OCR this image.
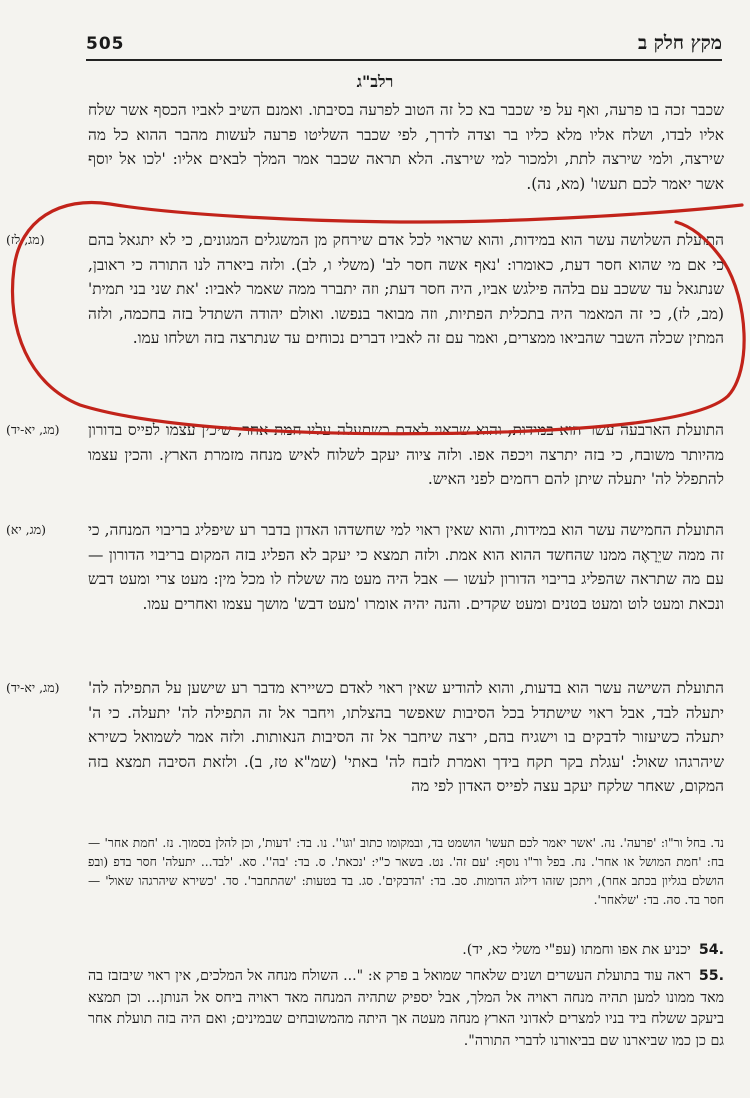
505	מקץ חלק ב
רלב"ג
שכבר זכה בו פרעה, ואף על פי שכבר בא כל זה הטוב לפרעה בסיבתו. ואמנם השיב לאביו הכסף אשר שלח אליו לבדו, ושלח אליו מלא כליו בר וצדה לדרך, לפי שכבר השליטו פרעה לעשות מהבר ההוא כל מה שירצה, ולמי שירצה לתת, ולמכור למי שירצה. הלא תראה שכבר אמר המלך לבאים אליו: 'לכו אל יוסף אשר יאמר לכם תעשו' (מא, נה).
(מג, לז)	התועלת השלושה עשר הוא במידות, והוא שראוי לכל אדם שירחק מן המשגלים המגונים, כי לא יתגאל בהם כי אם מי שהוא חסר דעת, כאומרו: 'נאף אשה חסר לב' (משלי ו, לב). ולזה ביארה לנו התורה כי ראובן, שנתגאל עד ששכב עם בלהה פילגש אביו, היה חסר דעת; וזה יתברר ממה שאמר לאביו: 'את שני בני תמית' (מב, לז), כי זה המאמר היה בתכלית הפתיות, וזה מבואר בנפשו. ואולם יהודה השתדל בזה בחכמה, ולזה המתין שכלה השבר שהביאו ממצרים, ואמר עם זה לאביו דברים נכוחים עד שנתרצה בזה ושלחו עמו.
(מג, יא-יד)	התועלת הארבעה עשר הוא במידות, והוא שראוי לאדם כשתעלה עליו חמת אחר, שיכין עצמו לפייס בדורון מהיותר משובח, כי בזה יתרצה ויכפה אפו. ולזה ציוה יעקב לשלוח לאיש מנחה מזמרת הארץ. והכין עצמו להתפלל לה' יתעלה שיתן להם רחמים לפני האיש.
(מג, יא)	התועלת החמישה עשר הוא במידות, והוא שאין ראוי למי שחשדהו האדון בדבר רע שיפליג בריבוי המנחה, כי זה ממה שיֵרָאֶה ממנו שהחשד ההוא הוא אמת. ולזה תמצא כי יעקב לא הפליג בזה המקום בריבוי הדורון — עם מה שתראה שהפליג בריבוי הדורון לעשו — אבל היה מעט מה ששלח לו מכל מין: מעט צרי ומעט דבש ונכאת ומעט לוט ומעט בטנים ומעט שקדים. והנה יהיה אומרו 'מעט דבש' מושך עצמו ואחרים עמו.
(מג, יא-יד)	התועלת השישה עשר הוא בדעות, והוא להודיע שאין ראוי לאדם כשיירא מדבר רע שישען על התפילה לה' יתעלה לבד, אבל ראוי שישתדל בכל הסיבות שאפשר בהצלתו, ויחבר אל זה התפילה לה' יתעלה. כי ה' יתעלה כשיעזור לדבקים בו וישגיח בהם, ירצה שיחבר אל זה הסיבות הנאותות. ולזה אמר לשמואל כשירא שיהרגהו שאול: 'עגלת בקר תקח בידך ואמרת לזבח לה' באתי' (שמ"א טז, ב). ולזאת הסיבה תמצא בזה המקום, שאחר שלקח יעקב עצה לפייס האדון לפי מה
נד. בחל ור"ו: 'פרעה'. נה. 'אשר יאמר לכם תעשו' הושמט בד, ובמקומו כתוב 'וגו''. נו. בד: 'דעות', וכן להלן בסמוך. נז. 'חמת אחר' — בח: 'חמת המושל או אחר'. נח. בפל ור"ו נוסף: 'עם זה'. נט. בשאר כ"י: 'נכאת'. ס. בד: 'בה''. סא. 'לבד... יתעלה' חסר בדפ (ובפ הושלם בגליון בכתב אחר), ויתכן שזהו דילוג הדומות. סב. בד: 'הדבקים'. סג. בד בטעות: 'שהתחבר'. סד. 'כשירא שיהרגהו שאול' — חסר בד. סה. בד: 'שלאחר'.
.54יכניע את אפו וחמתו (עפ"י משלי כא, יד).
.55ראה עוד בתועלת העשרים ושנים שלאחר שמואל ב פרק א: "... השולח מנחה אל המלכים, אין ראוי שיבזבז בה מאד ממונו למען תהיה מנחה ראויה אל המלך, אבל יספיק שתהיה המנחה מאד ראויה ביחס אל הנותן... וכן תמצא ביעקב ששלח ביד בניו למצרים לאדוני הארץ מנחה מעטה אך היתה מהמשובחים שבמינים; ואם היה בזה תועלת אחר גם כן כמו שביארנו שם בביאורנו לדברי התורה".
